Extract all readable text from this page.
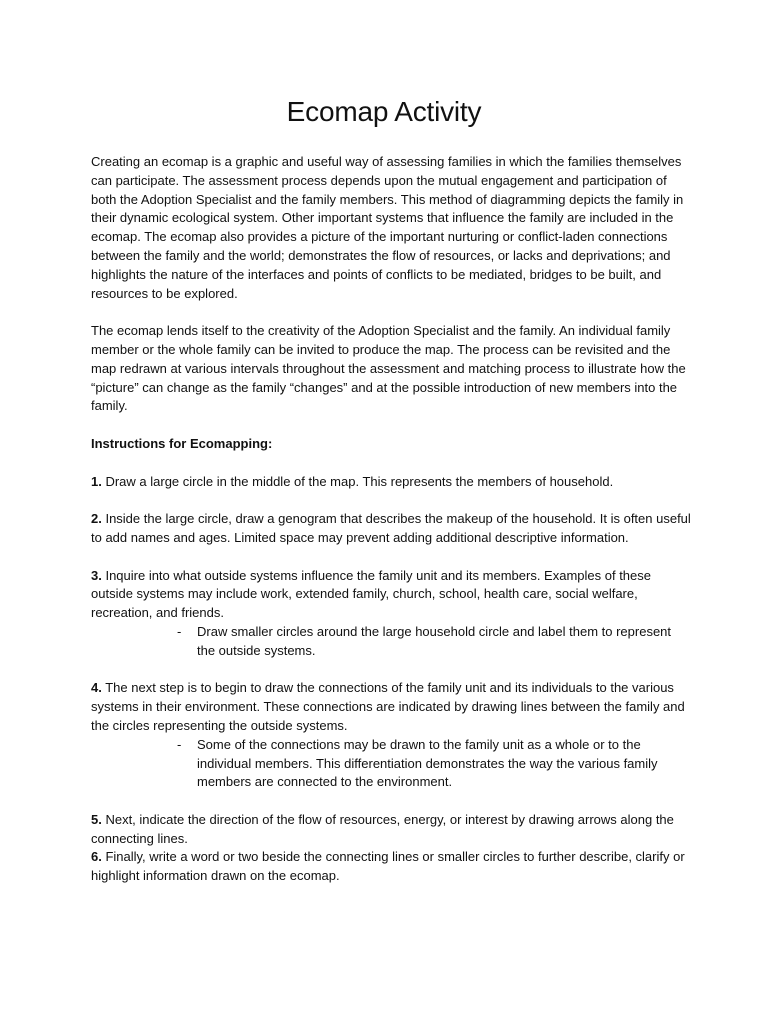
Ecomap Activity

Creating an ecomap is a graphic and useful way of assessing families in which the families themselves can participate. The assessment process depends upon the mutual engagement and participation of both the Adoption Specialist and the family members. This method of diagramming depicts the family in their dynamic ecological system. Other important systems that influence the family are included in the ecomap. The ecomap also provides a picture of the important nurturing or conflict-laden connections between the family and the world; demonstrates the flow of resources, or lacks and deprivations; and highlights the nature of the interfaces and points of conflicts to be mediated, bridges to be built, and resources to be explored.

The ecomap lends itself to the creativity of the Adoption Specialist and the family. An individual family member or the whole family can be invited to produce the map. The process can be revisited and the map redrawn at various intervals throughout the assessment and matching process to illustrate how the “picture” can change as the family “changes” and at the possible introduction of new members into the family.

Instructions for Ecomapping:

1. Draw a large circle in the middle of the map. This represents the members of household.

2. Inside the large circle, draw a genogram that describes the makeup of the household. It is often useful to add names and ages. Limited space may prevent adding additional descriptive information.

3. Inquire into what outside systems influence the family unit and its members. Examples of these outside systems may include work, extended family, church, school, health care, social welfare, recreation, and friends.

-	Draw smaller circles around the large household circle and label them to represent the outside systems.

4. The next step is to begin to draw the connections of the family unit and its individuals to the various systems in their environment. These connections are indicated by drawing lines between the family and the circles representing the outside systems.

-	Some of the connections may be drawn to the family unit as a whole or to the individual members. This differentiation demonstrates the way the various family members are connected to the environment.

5. Next, indicate the direction of the flow of resources, energy, or interest by drawing arrows along the connecting lines.

6. Finally, write a word or two beside the connecting lines or smaller circles to further describe, clarify or highlight information drawn on the ecomap.
